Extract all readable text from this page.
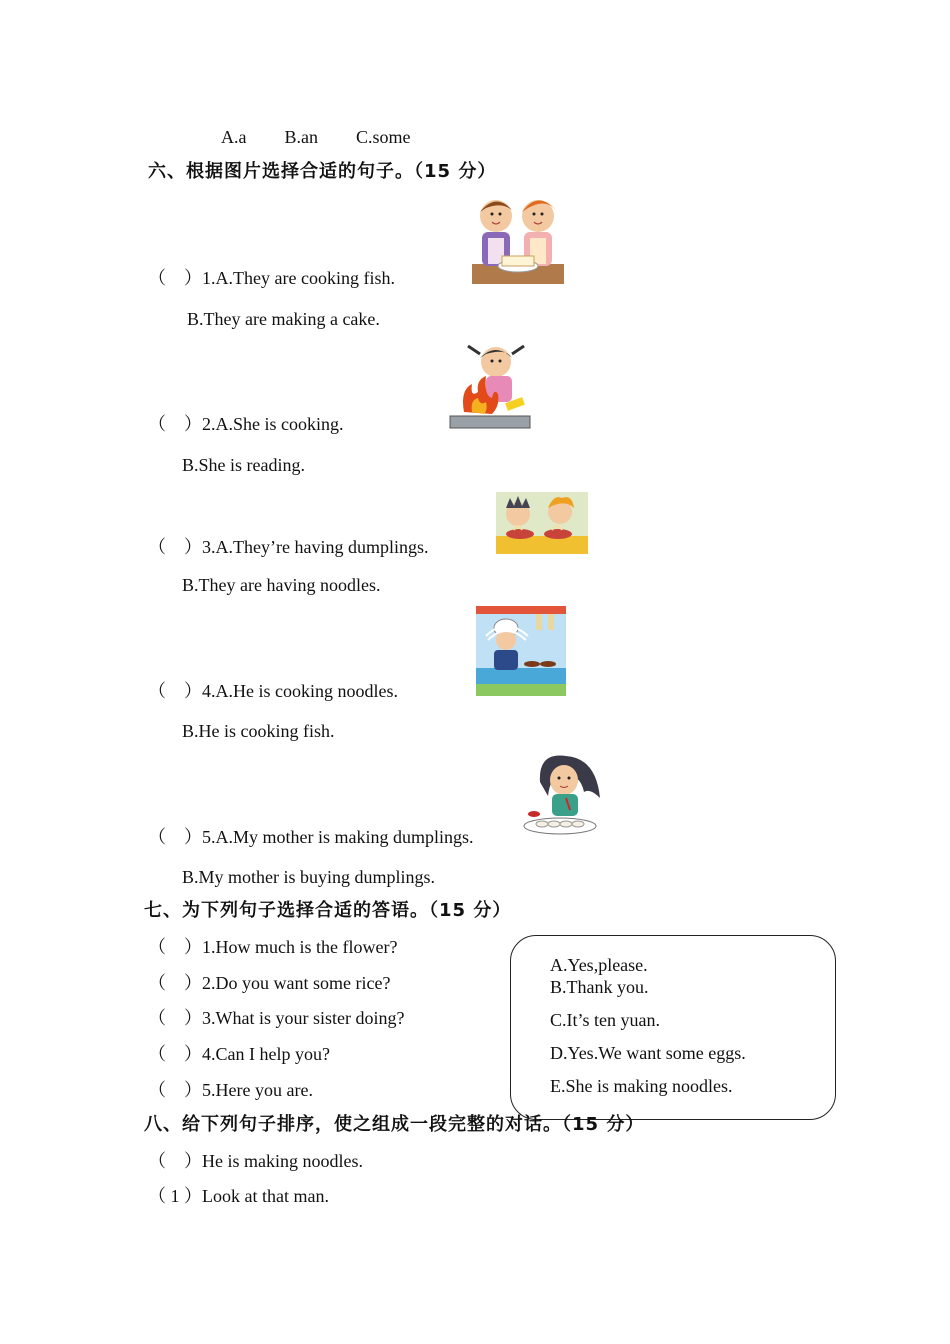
A.a B.an C.some
六、根据图片选择合适的句子。（15 分）
（　）1.A.They are cooking fish.
B.They are making a cake.
（　）2.A.She is cooking.
B.She is reading.
（　）3.A.They’re having dumplings.
B.They are having noodles.
（　）4.A.He is cooking noodles.
B.He is cooking fish.
（　）5.A.My mother is making dumplings.
B.My mother is buying dumplings.
七、为下列句子选择合适的答语。（15 分）
（　）1.How much is the flower?
（　）2.Do you want some rice?
（　）3.What is your sister doing?
（　）4.Can I help you?
（　）5.Here you are.
A.Yes,please.
B.Thank you.
C.It’s ten yuan.
D.Yes.We want some eggs.
E.She is making noodles.
八、给下列句子排序，使之组成一段完整的对话。（15 分）
（　）He is making noodles.
（ 1 ）Look at that man.
